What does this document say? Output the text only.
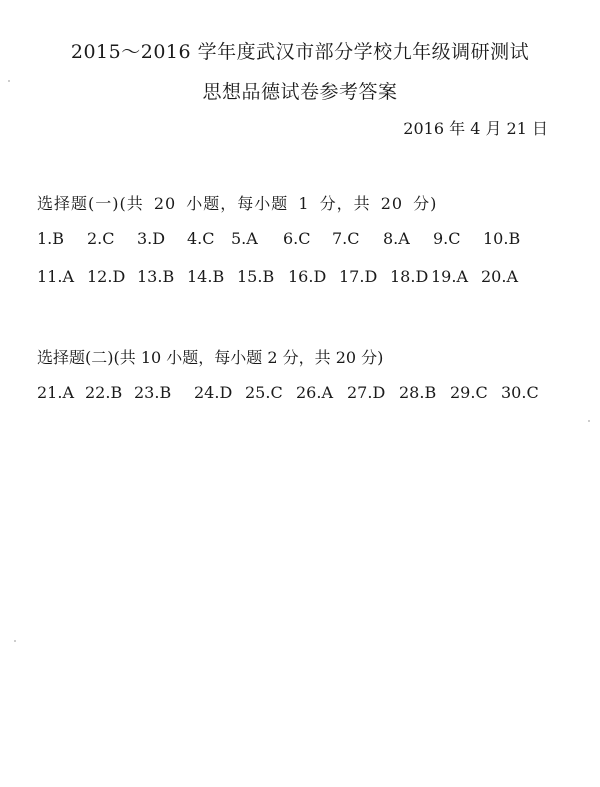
2015～2016 学年度武汉市部分学校九年级调研测试
思想品德试卷参考答案
2016 年 4 月 21 日
选择题(一)(共 20 小题，每小题 1 分，共 20 分)
1.B 2.C 3.D 4.C 5.A 6.C 7.C 8.A 9.C 10.B
11.A 12.D 13.B 14.B 15.B 16.D 17.D 18.D 19.A 20.A
选择题(二)(共 10 小题，每小题 2 分，共 20 分)
21.A 22.B 23.B 24.D 25.C 26.A 27.D 28.B 29.C 30.C
